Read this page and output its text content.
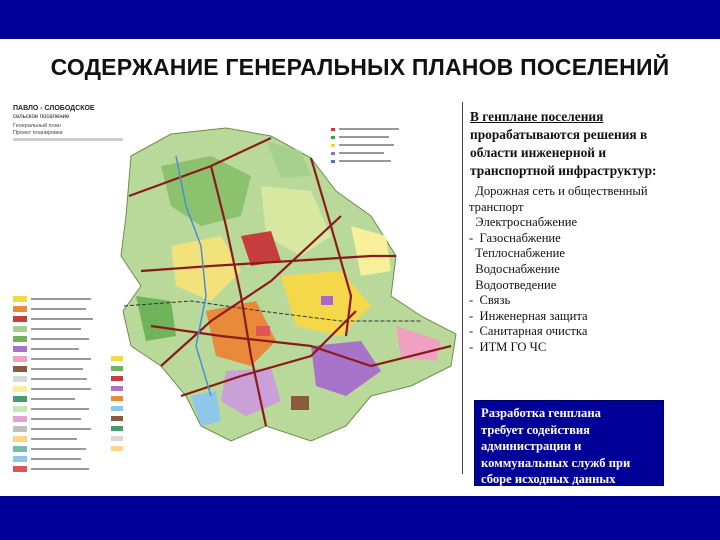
СОДЕРЖАНИЕ ГЕНЕРАЛЬНЫХ ПЛАНОВ ПОСЕЛЕНИЙ
ПАВЛО - СЛОБОДСКОЕ
сельское поселение
Генеральный план
Проект планировки
В генплане поселения
прорабатываются решения в
области инженерной и
транспортной инфраструктур:
Дорожная сеть и общественный
транспорт
Электроснабжение
-  Газоснабжение
Теплоснабжение
Водоснабжение
Водоотведение
-  Связь
-  Инженерная защита
-  Санитарная очистка
-  ИТМ ГО ЧС
Разработка генплана
требует содействия
администрации и
коммунальных служб при
сборе исходных данных
